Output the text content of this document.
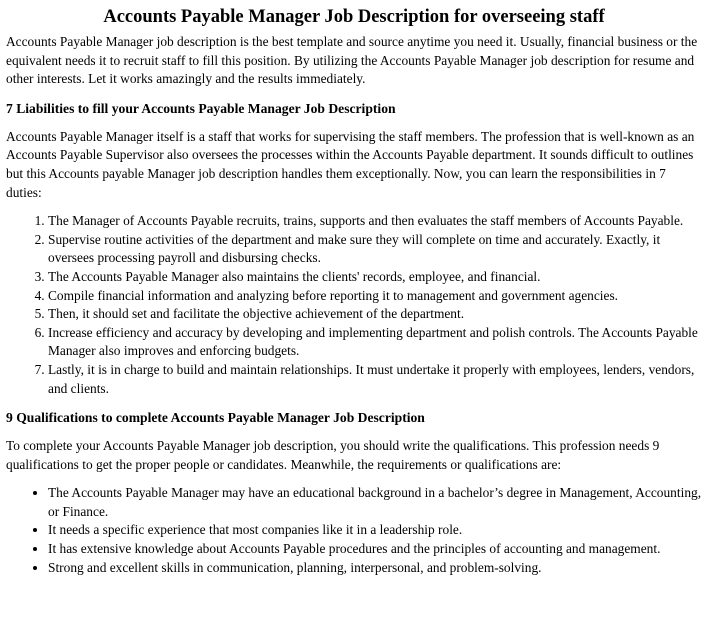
Accounts Payable Manager Job Description for overseeing staff

Accounts Payable Manager job description is the best template and source anytime you need it. Usually, financial business or the equivalent needs it to recruit staff to fill this position. By utilizing the Accounts Payable Manager job description for resume and other interests. Let it works amazingly and the results immediately.

7 Liabilities to fill your Accounts Payable Manager Job Description

Accounts Payable Manager itself is a staff that works for supervising the staff members. The profession that is well-known as an Accounts Payable Supervisor also oversees the processes within the Accounts Payable department. It sounds difficult to outlines but this Accounts payable Manager job description handles them exceptionally. Now, you can learn the responsibilities in 7 duties:

1. The Manager of Accounts Payable recruits, trains, supports and then evaluates the staff members of Accounts Payable.
2. Supervise routine activities of the department and make sure they will complete on time and accurately. Exactly, it oversees processing payroll and disbursing checks.
3. The Accounts Payable Manager also maintains the clients' records, employee, and financial.
4. Compile financial information and analyzing before reporting it to management and government agencies.
5. Then, it should set and facilitate the objective achievement of the department.
6. Increase efficiency and accuracy by developing and implementing department and polish controls. The Accounts Payable Manager also improves and enforcing budgets.
7. Lastly, it is in charge to build and maintain relationships. It must undertake it properly with employees, lenders, vendors, and clients.
9 Qualifications to complete Accounts Payable Manager Job Description

To complete your Accounts Payable Manager job description, you should write the qualifications. This profession needs 9 qualifications to get the proper people or candidates. Meanwhile, the requirements or qualifications are:

• The Accounts Payable Manager may have an educational background in a bachelor’s degree in Management, Accounting, or Finance.
• It needs a specific experience that most companies like it in a leadership role.
• It has extensive knowledge about Accounts Payable procedures and the principles of accounting and management.
• Strong and excellent skills in communication, planning, interpersonal, and problem-solving.
